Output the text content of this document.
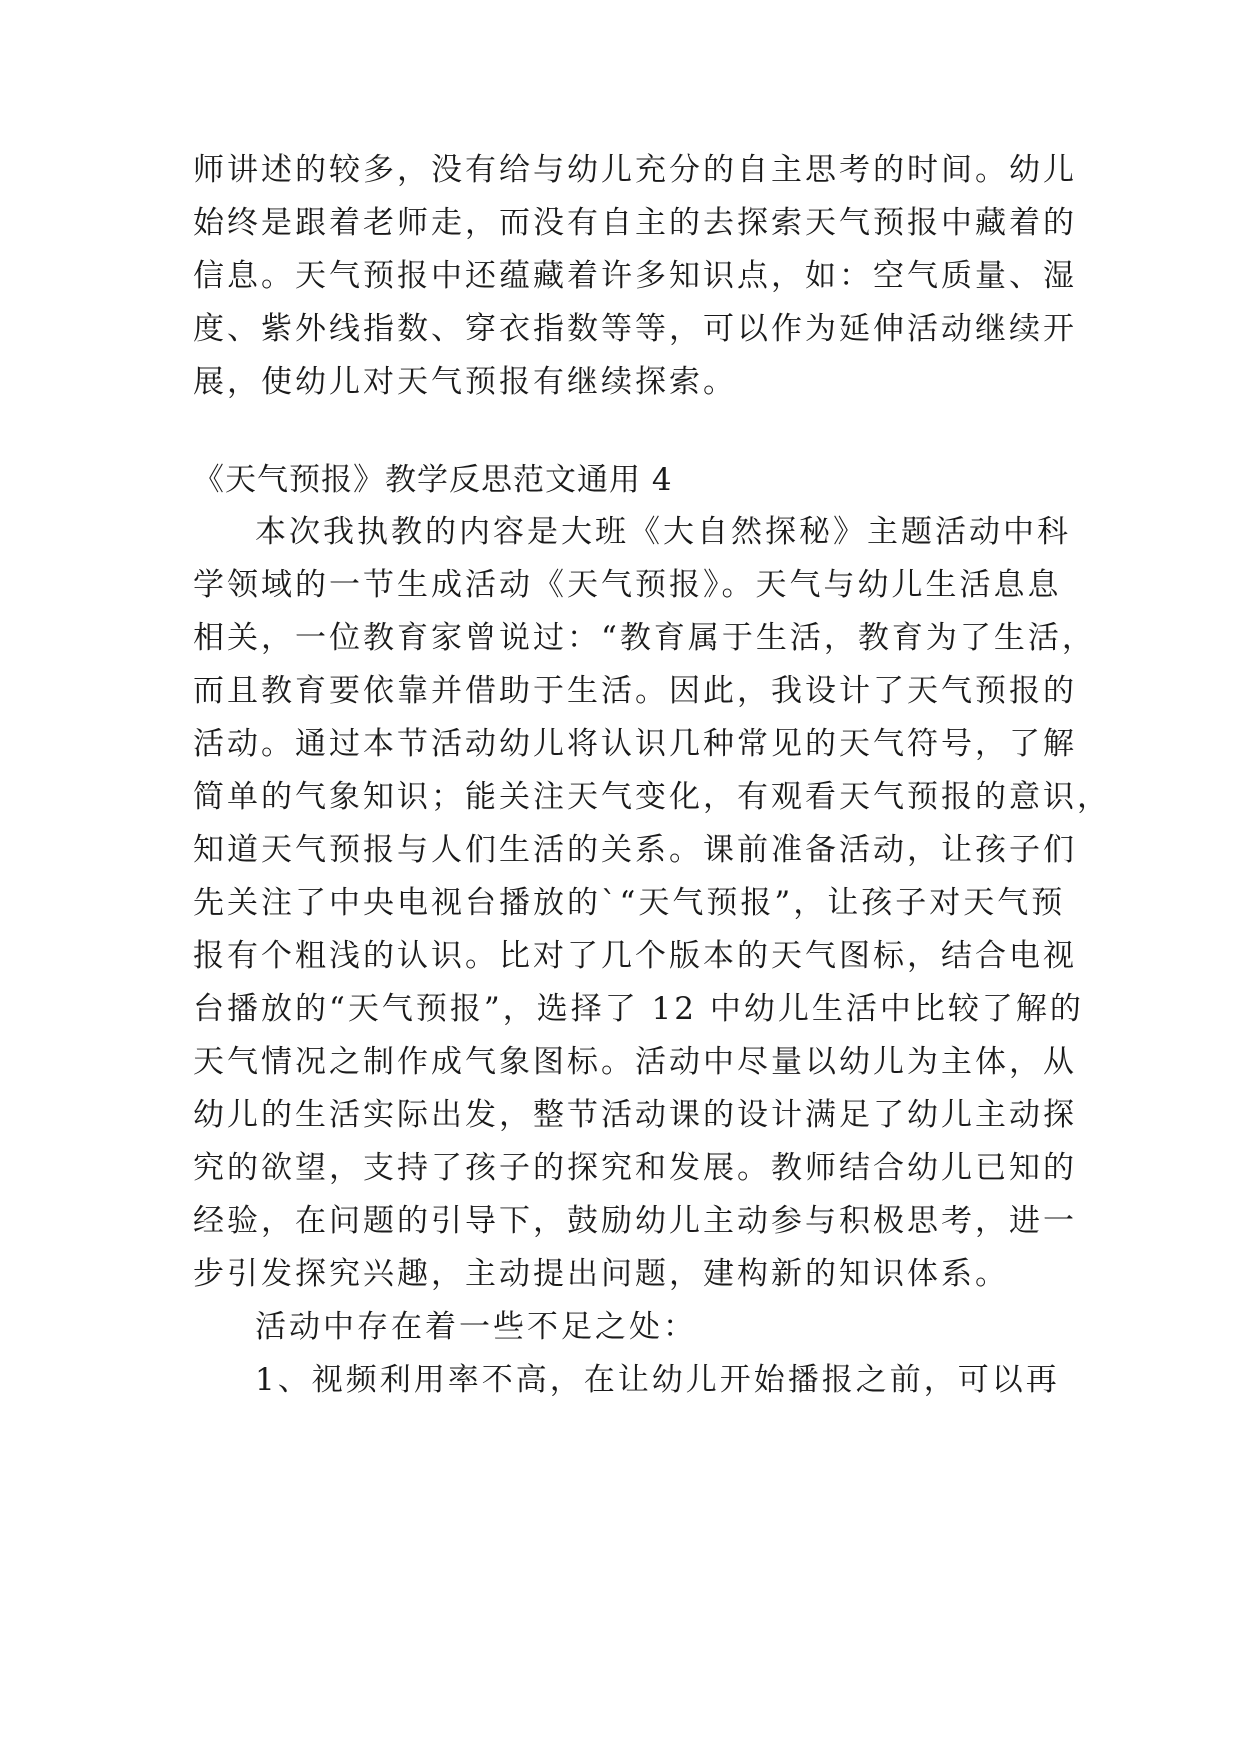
师讲述的较多，没有给与幼儿充分的自主思考的时间。幼儿
始终是跟着老师走，而没有自主的去探索天气预报中藏着的
信息。天气预报中还蕴藏着许多知识点，如：空气质量、湿
度、紫外线指数、穿衣指数等等，可以作为延伸活动继续开
展，使幼儿对天气预报有继续探索。
《天气预报》教学反思范文通用 4
本次我执教的内容是大班《大自然探秘》主题活动中科
学领域的一节生成活动《天气预报》。天气与幼儿生活息息
相关，一位教育家曾说过：“教育属于生活，教育为了生活，
而且教育要依靠并借助于生活。因此，我设计了天气预报的
活动。通过本节活动幼儿将认识几种常见的天气符号，了解
简单的气象知识；能关注天气变化，有观看天气预报的意识，
知道天气预报与人们生活的关系。课前准备活动，让孩子们
先关注了中央电视台播放的`“天气预报”，让孩子对天气预
报有个粗浅的认识。比对了几个版本的天气图标，结合电视
台播放的“天气预报”，选择了 12 中幼儿生活中比较了解的
天气情况之制作成气象图标。活动中尽量以幼儿为主体，从
幼儿的生活实际出发，整节活动课的设计满足了幼儿主动探
究的欲望，支持了孩子的探究和发展。教师结合幼儿已知的
经验，在问题的引导下，鼓励幼儿主动参与积极思考，进一
步引发探究兴趣，主动提出问题，建构新的知识体系。
活动中存在着一些不足之处：
1、视频利用率不高，在让幼儿开始播报之前，可以再
